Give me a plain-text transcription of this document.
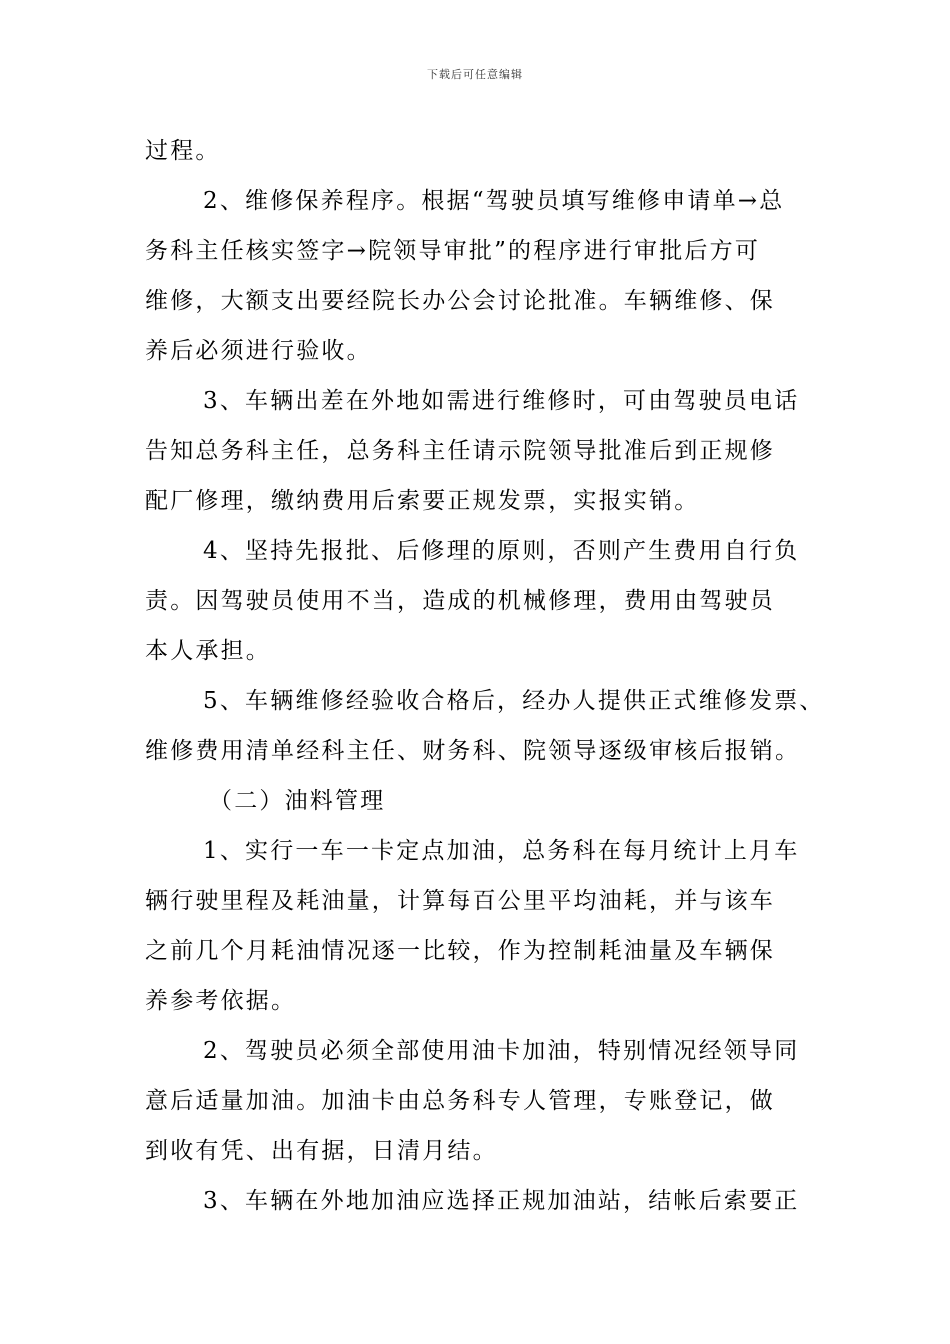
下载后可任意编辑
过程。
2、维修保养程序。根据“驾驶员填写维修申请单→总
务科主任核实签字→院领导审批”的程序进行审批后方可
维修，大额支出要经院长办公会讨论批准。车辆维修、保
养后必须进行验收。
3、车辆出差在外地如需进行维修时，可由驾驶员电话
告知总务科主任，总务科主任请示院领导批准后到正规修
配厂修理，缴纳费用后索要正规发票，实报实销。
4、坚持先报批、后修理的原则，否则产生费用自行负
责。因驾驶员使用不当，造成的机械修理，费用由驾驶员
本人承担。
5、车辆维修经验收合格后，经办人提供正式维修发票、
维修费用清单经科主任、财务科、院领导逐级审核后报销。
（二）油料管理
1、实行一车一卡定点加油，总务科在每月统计上月车
辆行驶里程及耗油量，计算每百公里平均油耗，并与该车
之前几个月耗油情况逐一比较，作为控制耗油量及车辆保
养参考依据。
2、驾驶员必须全部使用油卡加油，特别情况经领导同
意后适量加油。加油卡由总务科专人管理，专账登记，做
到收有凭、出有据，日清月结。
3、车辆在外地加油应选择正规加油站，结帐后索要正
